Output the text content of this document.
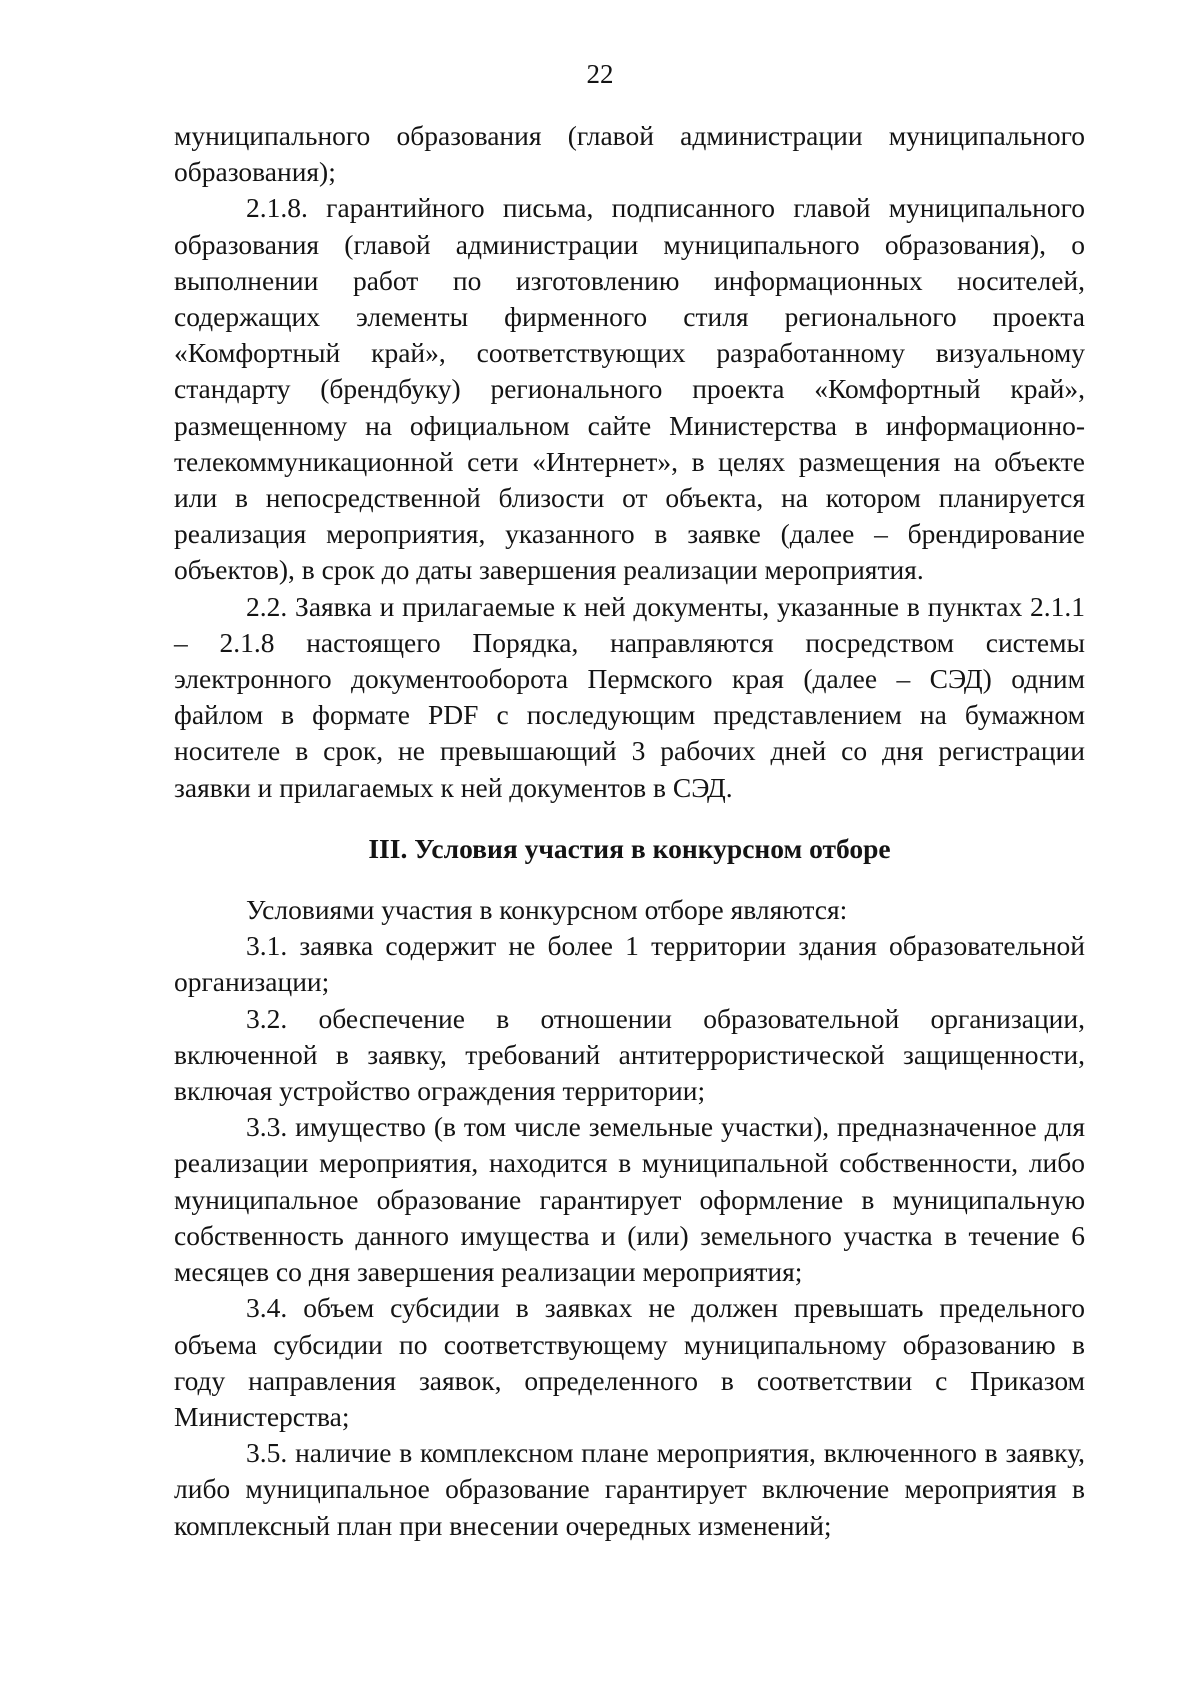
22

муниципального образования (главой администрации муниципального образования);

2.1.8. гарантийного письма, подписанного главой муниципального образования (главой администрации муниципального образования), о выполнении работ по изготовлению информационных носителей, содержащих элементы фирменного стиля регионального проекта «Комфортный край», соответствующих разработанному визуальному стандарту (брендбуку) регионального проекта «Комфортный край», размещенному на официальном сайте Министерства в информационно-телекоммуникационной сети «Интернет», в целях размещения на объекте или в непосредственной близости от объекта, на котором планируется реализация мероприятия, указанного в заявке (далее – брендирование объектов), в срок до даты завершения реализации мероприятия.

2.2. Заявка и прилагаемые к ней документы, указанные в пунктах 2.1.1 – 2.1.8 настоящего Порядка, направляются посредством системы электронного документооборота Пермского края (далее – СЭД) одним файлом в формате PDF с последующим представлением на бумажном носителе в срок, не превышающий 3 рабочих дней со дня регистрации заявки и прилагаемых к ней документов в СЭД.

III. Условия участия в конкурсном отборе

Условиями участия в конкурсном отборе являются:

3.1. заявка содержит не более 1 территории здания образовательной организации;

3.2. обеспечение в отношении образовательной организации, включенной в заявку, требований антитеррористической защищенности, включая устройство ограждения территории;

3.3. имущество (в том числе земельные участки), предназначенное для реализации мероприятия, находится в муниципальной собственности, либо муниципальное образование гарантирует оформление в муниципальную собственность данного имущества и (или) земельного участка в течение 6 месяцев со дня завершения реализации мероприятия;

3.4. объем субсидии в заявках не должен превышать предельного объема субсидии по соответствующему муниципальному образованию в году направления заявок, определенного в соответствии с Приказом Министерства;

3.5. наличие в комплексном плане мероприятия, включенного в заявку, либо муниципальное образование гарантирует включение мероприятия в комплексный план при внесении очередных изменений;
